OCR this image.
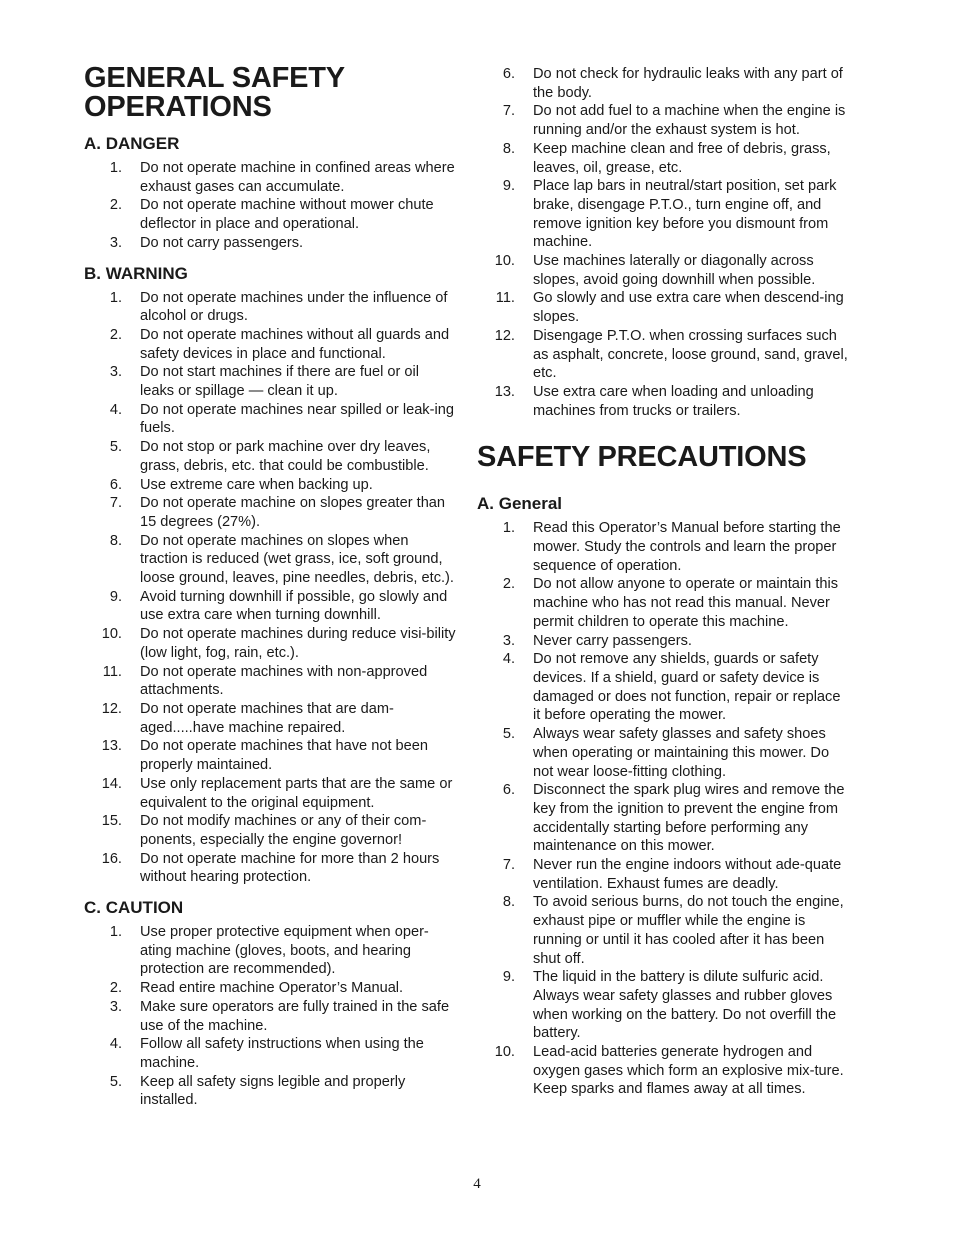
GENERAL SAFETY
OPERATIONS
A. DANGER
1. Do not operate machine in confined areas where exhaust gases can accumulate.
2. Do not operate machine without mower chute deflector in place and operational.
3. Do not carry passengers.
B. WARNING
1. Do not operate machines under the influence of alcohol or drugs.
2. Do not operate machines without all guards and safety devices in place and functional.
3. Do not start machines if there are fuel or oil leaks or spillage — clean it up.
4. Do not operate machines near spilled or leak-ing fuels.
5. Do not stop or park machine over dry leaves, grass, debris, etc. that could be combustible.
6. Use extreme care when backing up.
7. Do not operate machine on slopes greater than 15 degrees (27%).
8. Do not operate machines on slopes when traction is reduced (wet grass, ice, soft ground, loose ground, leaves, pine needles, debris, etc.).
9. Avoid turning downhill if possible, go slowly and use extra care when turning downhill.
10. Do not operate machines during reduce visi-bility (low light, fog, rain, etc.).
11. Do not operate machines with non-approved attachments.
12. Do not operate machines that are dam-aged.....have machine repaired.
13. Do not operate machines that have not been properly maintained.
14. Use only replacement parts that are the same or equivalent to the original equipment.
15. Do not modify machines or any of their com-ponents, especially the engine governor!
16. Do not operate machine for more than 2 hours without hearing protection.
C. CAUTION
1. Use proper protective equipment when oper-ating machine (gloves, boots, and hearing protection are recommended).
2. Read entire machine Operator’s Manual.
3. Make sure operators are fully trained in the safe use of the machine.
4. Follow all safety instructions when using the machine.
5. Keep all safety signs legible and properly installed.
6. Do not check for hydraulic leaks with any part of the body.
7. Do not add fuel to a machine when the engine is running and/or the exhaust system is hot.
8. Keep machine clean and free of debris, grass, leaves, oil, grease, etc.
9. Place lap bars in neutral/start position, set park brake, disengage P.T.O., turn engine off, and remove ignition key before you dismount from machine.
10. Use machines laterally or diagonally across slopes, avoid going downhill when possible.
11. Go slowly and use extra care when descend-ing slopes.
12. Disengage P.T.O. when crossing surfaces such as asphalt, concrete, loose ground, sand, gravel, etc.
13. Use extra care when loading and unloading machines from trucks or trailers.
SAFETY PRECAUTIONS
A. General
1. Read this Operator’s Manual before starting the mower. Study the controls and learn the proper sequence of operation.
2. Do not allow anyone to operate or maintain this machine who has not read this manual. Never permit children to operate this machine.
3. Never carry passengers.
4. Do not remove any shields, guards or safety devices. If a shield, guard or safety device is damaged or does not function, repair or replace it before operating the mower.
5. Always wear safety glasses and safety shoes when operating or maintaining this mower. Do not wear loose-fitting clothing.
6. Disconnect the spark plug wires and remove the key from the ignition to prevent the engine from accidentally starting before performing any maintenance on this mower.
7. Never run the engine indoors without ade-quate ventilation. Exhaust fumes are deadly.
8. To avoid serious burns, do not touch the engine, exhaust pipe or muffler while the engine is running or until it has cooled after it has been shut off.
9. The liquid in the battery is dilute sulfuric acid. Always wear safety glasses and rubber gloves when working on the battery. Do not overfill the battery.
10. Lead-acid batteries generate hydrogen and oxygen gases which form an explosive mix-ture. Keep sparks and flames away at all times.
4
